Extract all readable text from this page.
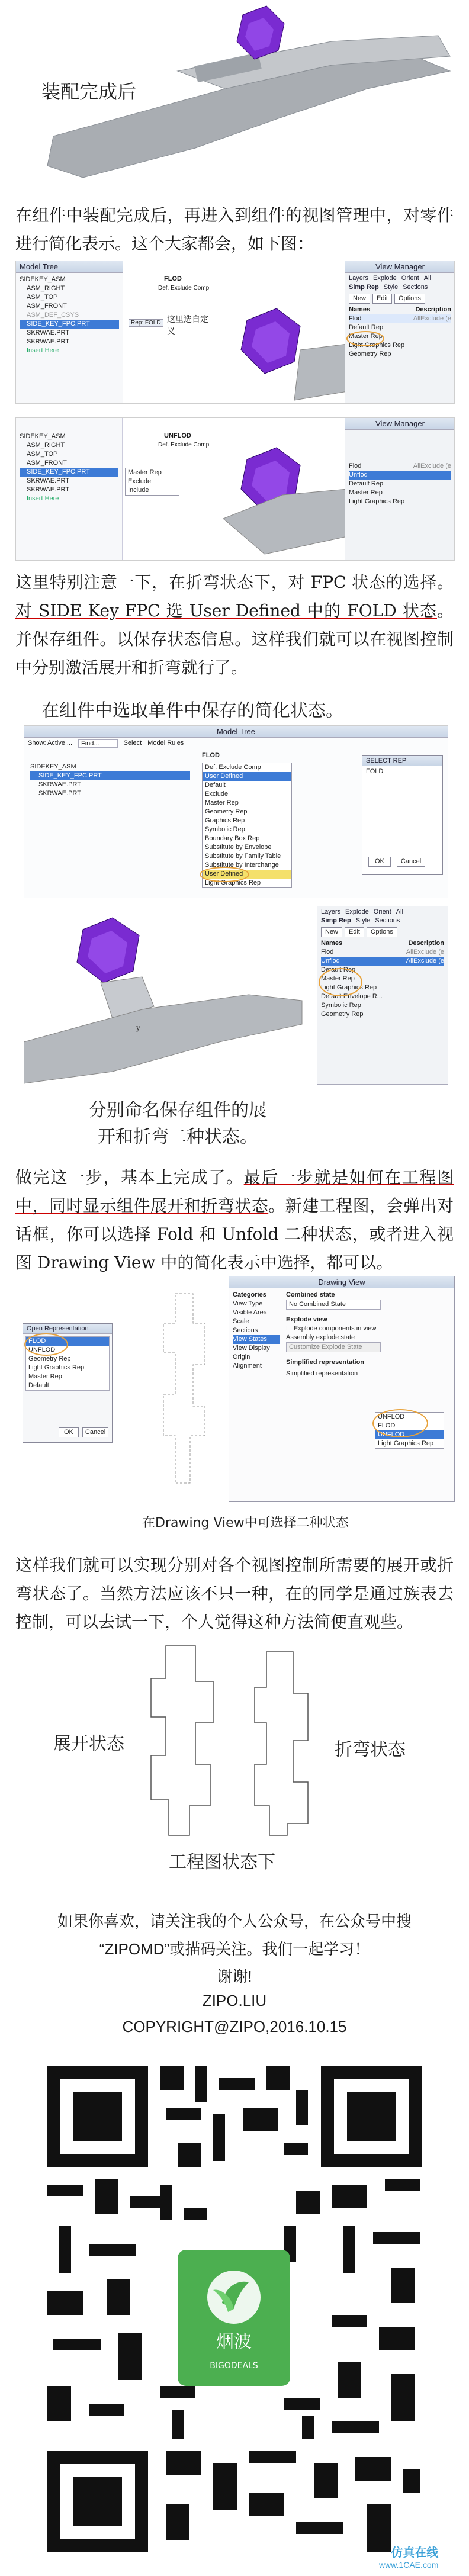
装配完成后
在组件中装配完成后，再进入到组件的视图管理中，对零件进行简化表示。这个大家都会，如下图：
Model Tree
SIDEKEY_ASM
ASM_RIGHT
ASM_TOP
ASM_FRONT
ASM_DEF_CSYS
SIDE_KEY_FPC.PRT
SKRWAE.PRT
SKRWAE.PRT
Insert Here
FLOD
Def. Exclude Comp
Rep: FOLD 这里选自定义
View Manager
Layers Explode Orient All
Simp Rep Style Sections
New	Edit	Options
Names	Description
Flod	AllExclude (e
Default Rep
Master Rep
Light Graphics Rep
Geometry Rep
SIDEKEY_ASM
ASM_RIGHT
ASM_TOP
ASM_FRONT
SIDE_KEY_FPC.PRT
SKRWAE.PRT
SKRWAE.PRT
Insert Here
UNFLOD
Def. Exclude Comp
Master Rep
Exclude
Include
View Manager
Flod	AllExclude (e
Unflod
Default Rep
Master Rep
Light Graphics Rep
这里特别注意一下，在折弯状态下，对 FPC 状态的选择。对 SIDE Key FPC 选 User Defined 中的 FOLD 状态。并保存组件。以保存状态信息。这样我们就可以在视图控制中分别激活展开和折弯就行了。
在组件中选取单件中保存的简化状态。
Model Tree
Show: Active|...	Find...	Select Model Rules
FLOD
SIDEKEY_ASM
SIDE_KEY_FPC.PRT
SKRWAE.PRT
SKRWAE.PRT
Def. Exclude Comp
User Defined
Default
Exclude
Master Rep
Geometry Rep
Graphics Rep
Symbolic Rep
Boundary Box Rep
Substitute by Envelope
Substitute by Family Table
Substitute by Interchange
User Defined
Light Graphics Rep
SELECT REP
FOLD
OK	Cancel
y
Layers Explode Orient All
Simp Rep Style Sections
New	Edit	Options
Names	Description
Flod	AllExclude (e
Unflod	AllExclude (e
Default Rep
Master Rep
Light Graphics Rep
Default Envelope R...
Symbolic Rep
Geometry Rep
分别命名保存组件的展
开和折弯二种状态。
做完这一步，基本上完成了。最后一步就是如何在工程图中，同时显示组件展开和折弯状态。新建工程图，会弹出对话框，你可以选择 Fold 和 Unfold 二种状态，或者进入视图 Drawing View 中的简化表示中选择，都可以。
Open Representation
FLOD
UNFLOD
Geometry Rep
Light Graphics Rep
Master Rep
Default
OK	Cancel
Drawing View
Categories
View Type
Visible Area
Scale
Sections
View States
View Display
Origin
Alignment
Combined state
No Combined State
Explode view
☐ Explode components in view
Assembly explode state
Customize Explode State
Simplified representation
Simplified representation
UNFLOD
FLOD
UNFLOD
Light Graphics Rep
在Drawing View中可选择二种状态
这样我们就可以实现分别对各个视图控制所需要的展开或折弯状态了。当然方法应该不只一种，在的同学是通过族表去控制，可以去试一下，个人觉得这种方法简便直观些。
展开状态	折弯状态
工程图状态下
如果你喜欢，请关注我的个人公众号，在公众号中搜
“ZIPOMD”或描码关注。我们一起学习！
谢谢!
ZIPO.LIU
COPYRIGHT@ZIPO,2016.10.15
烟波
BIGODEALS
仿真在线
www.1CAE.com
